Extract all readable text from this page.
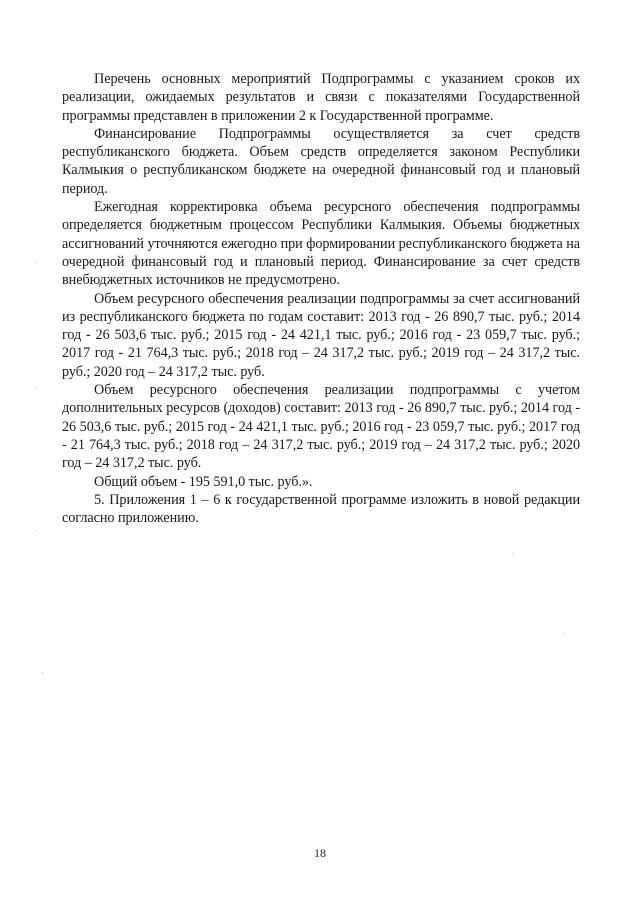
Перечень основных мероприятий Подпрограммы с указанием сроков их реализации, ожидаемых результатов и связи с показателями Государственной программы представлен в приложении 2 к Государственной программе.

Финансирование Подпрограммы осуществляется за счет средств республиканского бюджета. Объем средств определяется законом Республики Калмыкия о республиканском бюджете на очередной финансовый год и плановый период.

Ежегодная корректировка объема ресурсного обеспечения подпрограммы определяется бюджетным процессом Республики Калмыкия. Объемы бюджетных ассигнований уточняются ежегодно при формировании республиканского бюджета на очередной финансовый год и плановый период. Финансирование за счет средств внебюджетных источников не предусмотрено.

Объем ресурсного обеспечения реализации подпрограммы за счет ассигнований из республиканского бюджета по годам составит: 2013 год - 26 890,7 тыс. руб.; 2014 год - 26 503,6 тыс. руб.; 2015 год - 24 421,1 тыс. руб.; 2016 год - 23 059,7 тыс. руб.; 2017 год - 21 764,3 тыс. руб.; 2018 год – 24 317,2 тыс. руб.; 2019 год – 24 317,2 тыс. руб.; 2020 год – 24 317,2 тыс. руб.

Объем ресурсного обеспечения реализации подпрограммы с учетом дополнительных ресурсов (доходов) составит: 2013 год - 26 890,7 тыс. руб.; 2014 год - 26 503,6 тыс. руб.; 2015 год - 24 421,1 тыс. руб.; 2016 год - 23 059,7 тыс. руб.; 2017 год - 21 764,3 тыс. руб.; 2018 год – 24 317,2 тыс. руб.; 2019 год – 24 317,2 тыс. руб.; 2020 год – 24 317,2 тыс. руб.

Общий объем - 195 591,0 тыс. руб.».

5. Приложения 1 – 6 к государственной программе изложить в новой редакции согласно приложению.

18
